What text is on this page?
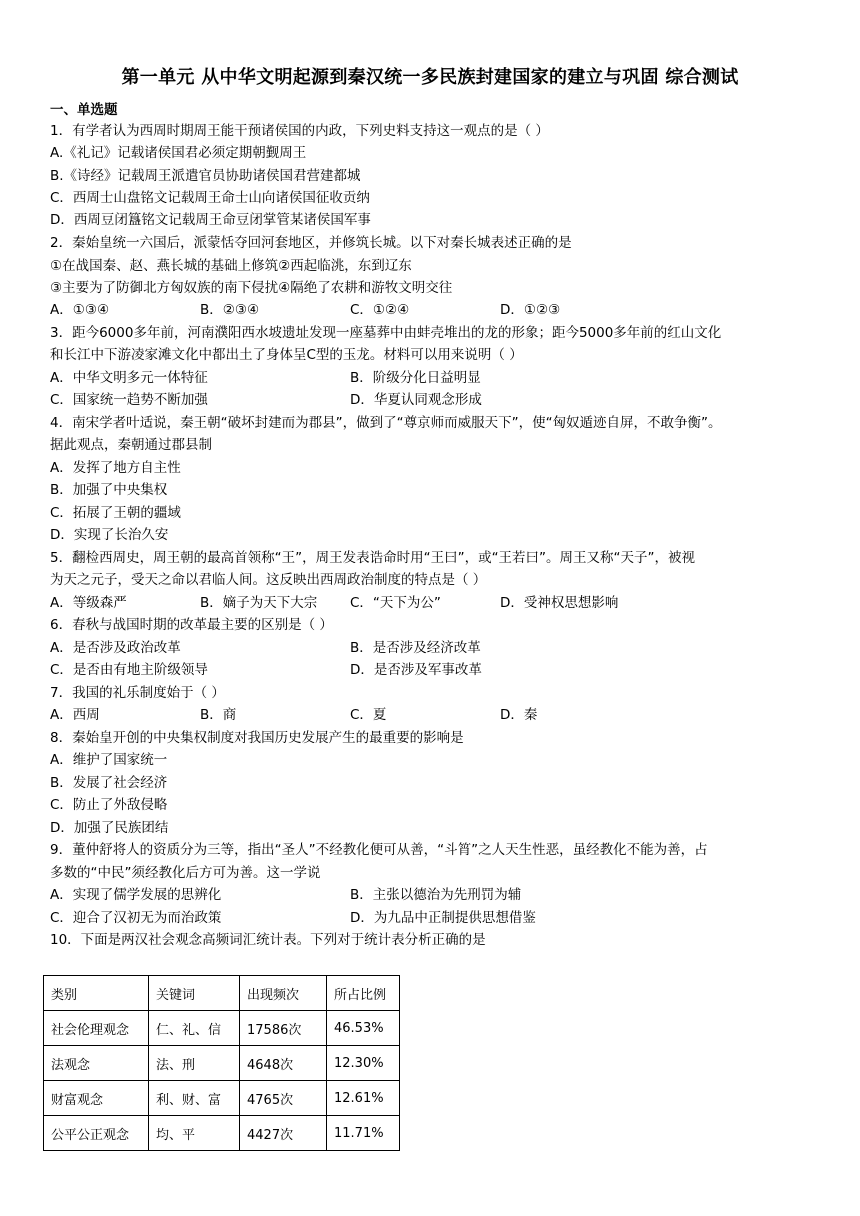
第一单元 从中华文明起源到秦汉统一多民族封建国家的建立与巩固 综合测试
一、单选题
1．有学者认为西周时期周王能干预诸侯国的内政，下列史料支持这一观点的是（ ）
A.《礼记》记载诸侯国君必须定期朝觐周王
B.《诗经》记载周王派遣官员协助诸侯国君营建都城
C．西周士山盘铭文记载周王命士山向诸侯国征收贡纳
D．西周豆闭簋铭文记载周王命豆闭掌管某诸侯国军事
2．秦始皇统一六国后，派蒙恬夺回河套地区，并修筑长城。以下对秦长城表述正确的是
①在战国秦、赵、燕长城的基础上修筑②西起临洮，东到辽东
③主要为了防御北方匈奴族的南下侵扰④隔绝了农耕和游牧文明交往
A．①③④	B．②③④	C．①②④	D．①②③
3．距今6000多年前，河南濮阳西水坡遗址发现一座墓葬中由蚌壳堆出的龙的形象；距今5000多年前的红山文化
和长江中下游凌家滩文化中都出土了身体呈C型的玉龙。材料可以用来说明（ ）
A．中华文明多元一体特征	B．阶级分化日益明显
C．国家统一趋势不断加强	D．华夏认同观念形成
4．南宋学者叶适说，秦王朝“破坏封建而为郡县”，做到了“尊京师而威服天下”，使“匈奴遁迹自屏，不敢争衡”。
据此观点，秦朝通过郡县制
A．发挥了地方自主性
B．加强了中央集权
C．拓展了王朝的疆域
D．实现了长治久安
5．翻检西周史，周王朝的最高首领称“王”，周王发表诰命时用“王曰”，或“王若曰”。周王又称“天子”，被视
为天之元子，受天之命以君临人间。这反映出西周政治制度的特点是（ ）
A．等级森严	B．嫡子为天下大宗 C．“天下为公”	D．受神权思想影响
6．春秋与战国时期的改革最主要的区别是（ ）
A．是否涉及政治改革	B．是否涉及经济改革
C．是否由有地主阶级领导	D．是否涉及军事改革
7．我国的礼乐制度始于（ ）
A．西周	B．商	C．夏	D．秦
8．秦始皇开创的中央集权制度对我国历史发展产生的最重要的影响是
A．维护了国家统一
B．发展了社会经济
C．防止了外敌侵略
D．加强了民族团结
9．董仲舒将人的资质分为三等，指出“圣人”不经教化便可从善，“斗筲”之人天生性恶，虽经教化不能为善，占
多数的“中民”须经教化后方可为善。这一学说
A．实现了儒学发展的思辨化	B．主张以德治为先刑罚为辅
C．迎合了汉初无为而治政策	D．为九品中正制提供思想借鉴
10．下面是两汉社会观念高频词汇统计表。下列对于统计表分析正确的是
类别	关键词	出现频次	所占比例
社会伦理观念	仁、礼、信	17586次	46.53%
法观念	法、刑	4648次	12.30%
财富观念	利、财、富	4765次	12.61%
公平公正观念	均、平	4427次	11.71%
